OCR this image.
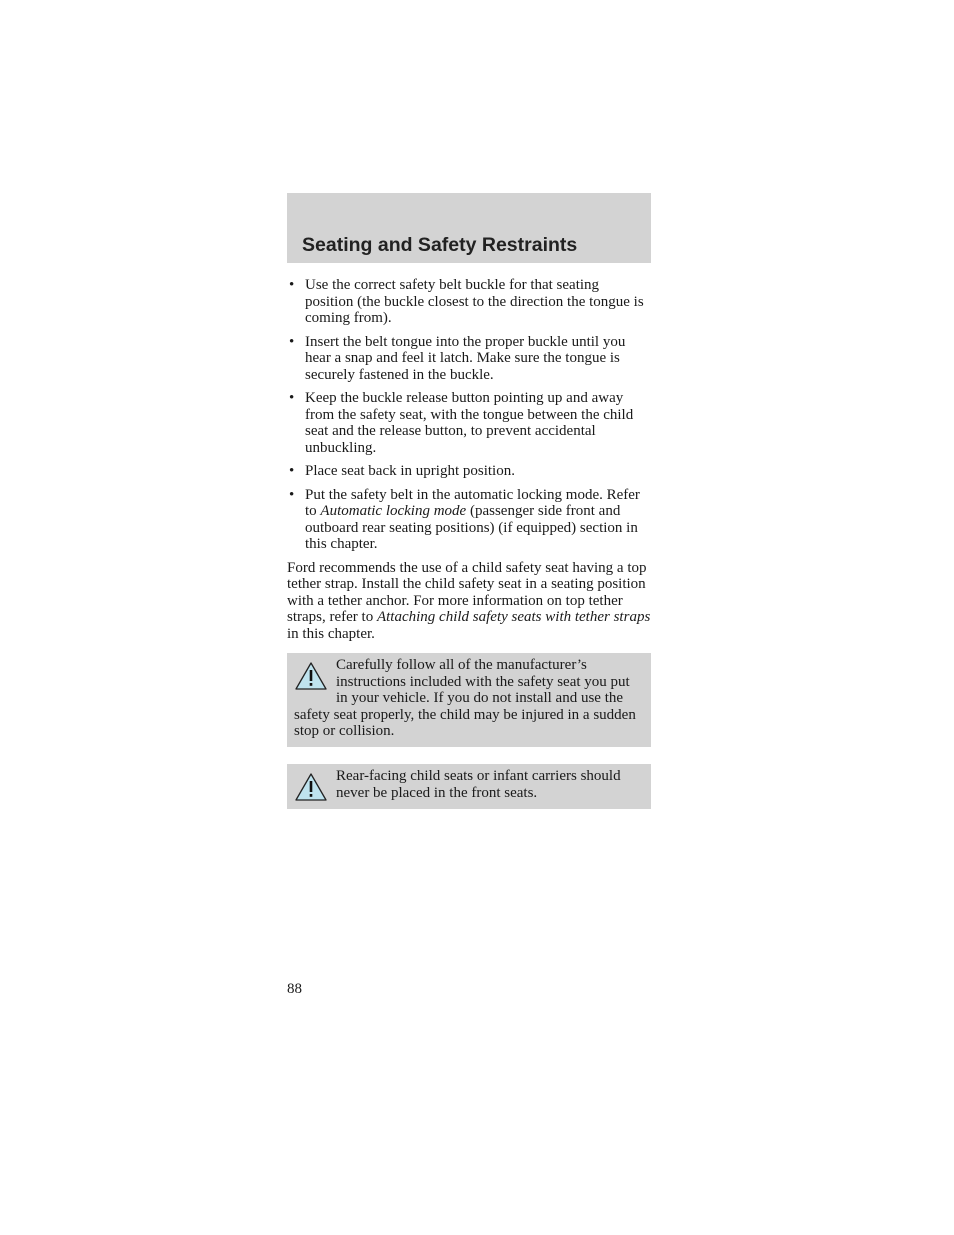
Seating and Safety Restraints
• Use the correct safety belt buckle for that seating position (the buckle closest to the direction the tongue is coming from).
• Insert the belt tongue into the proper buckle until you hear a snap and feel it latch. Make sure the tongue is securely fastened in the buckle.
• Keep the buckle release button pointing up and away from the safety seat, with the tongue between the child seat and the release button, to prevent accidental unbuckling.
• Place seat back in upright position.
• Put the safety belt in the automatic locking mode. Refer to Automatic locking mode (passenger side front and outboard rear seating positions) (if equipped) section in this chapter.

Ford recommends the use of a child safety seat having a top tether strap. Install the child safety seat in a seating position with a tether anchor. For more information on top tether straps, refer to Attaching child safety seats with tether straps in this chapter.

Carefully follow all of the manufacturer’s instructions included with the safety seat you put in your vehicle. If you do not install and use the safety seat properly, the child may be injured in a sudden stop or collision.
Rear-facing child seats or infant carriers should never be placed in the front seats.
88
